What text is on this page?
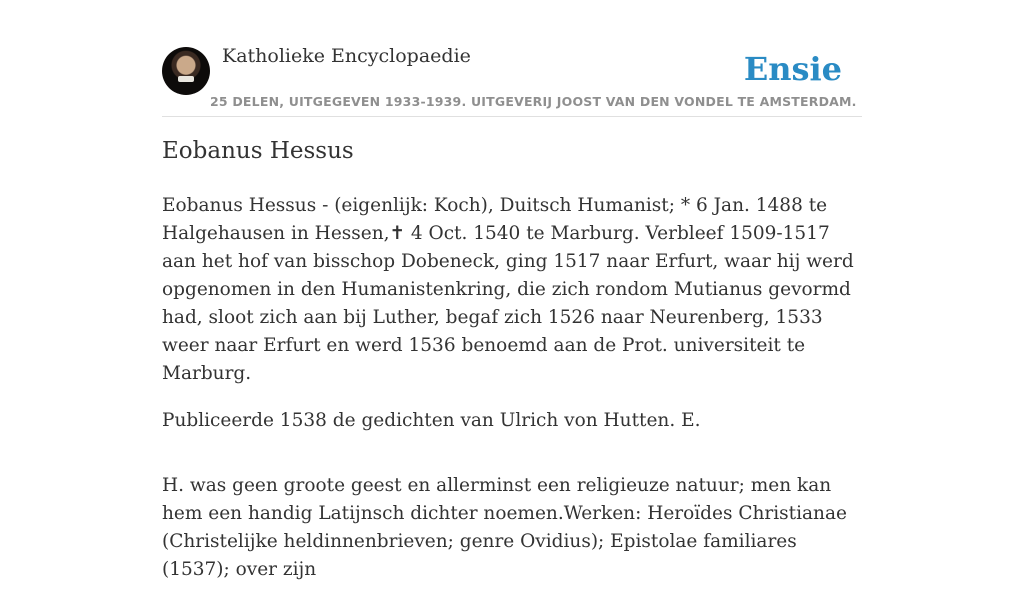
Katholieke Encyclopaedie	Ensie
25 DELEN, UITGEGEVEN 1933-1939. UITGEVERIJ JOOST VAN DEN VONDEL TE AMSTERDAM.
Eobanus Hessus

Eobanus Hessus - (eigenlijk: Koch), Duitsch Humanist; * 6 Jan. 1488 te Halgehausen in Hessen,✝ 4 Oct. 1540 te Marburg. Verbleef 1509-1517 aan het hof van bisschop Dobeneck, ging 1517 naar Erfurt, waar hij werd opgenomen in den Humanistenkring, die zich rondom Mutianus gevormd had, sloot zich aan bij Luther, begaf zich 1526 naar Neurenberg, 1533 weer naar Erfurt en werd 1536 benoemd aan de Prot. universiteit te Marburg.

Publiceerde 1538 de gedichten van Ulrich von Hutten. E.

H. was geen groote geest en allerminst een religieuze natuur; men kan hem een handig Latijnsch dichter noemen.Werken: Heroïdes Christianae (Christelijke heldinnenbrieven; genre Ovidius); Epistolae familiares (1537); over zijn
